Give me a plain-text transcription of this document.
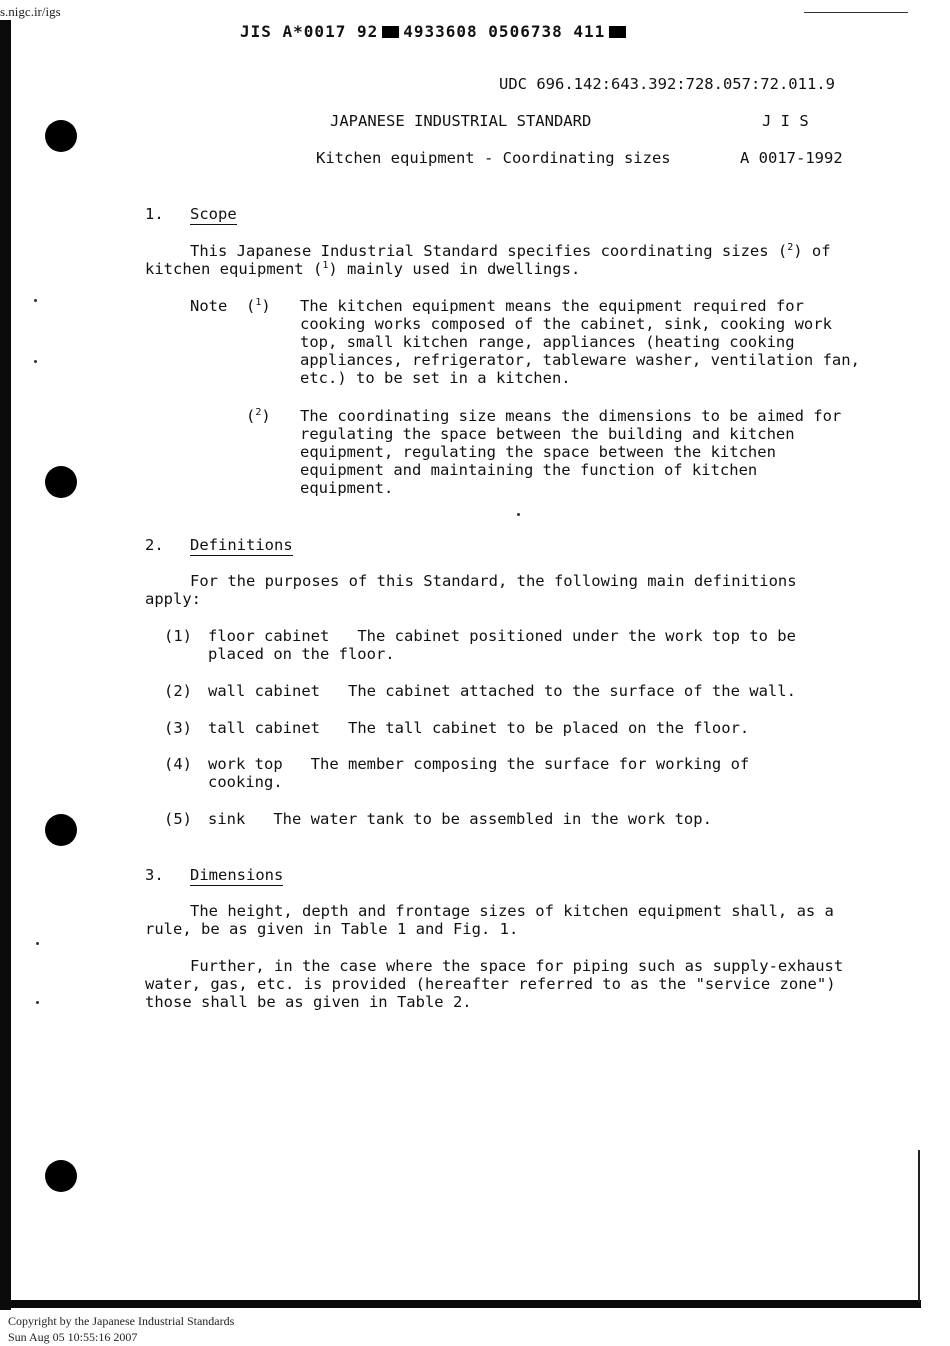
s.nigc.ir/igs
JIS A*0017 92 4933608 0506738 411
UDC 696.142:643.392:728.057:72.011.9
JAPANESE INDUSTRIAL STANDARD	J I S
Kitchen equipment - Coordinating sizes	A 0017-1992
1. Scope
This Japanese Industrial Standard specifies coordinating sizes ($^2$) of
kitchen equipment ($^1$) mainly used in dwellings.
Note ($^1$) The kitchen equipment means the equipment required for
cooking works composed of the cabinet, sink, cooking work
top, small kitchen range, appliances (heating cooking
appliances, refrigerator, tableware washer, ventilation fan,
etc.) to be set in a kitchen.
($^2$) The coordinating size means the dimensions to be aimed for
regulating the space between the building and kitchen
equipment, regulating the space between the kitchen
equipment and maintaining the function of kitchen
equipment.
2. Definitions
For the purposes of this Standard, the following main definitions
apply:
(1) floor cabinet The cabinet positioned under the work top to be
placed on the floor.
(2) wall cabinet The cabinet attached to the surface of the wall.
(3) tall cabinet The tall cabinet to be placed on the floor.
(4) work top The member composing the surface for working of
cooking.
(5) sink The water tank to be assembled in the work top.
3. Dimensions
The height, depth and frontage sizes of kitchen equipment shall, as a
rule, be as given in Table 1 and Fig. 1.
Further, in the case where the space for piping such as supply-exhaust
water, gas, etc. is provided (hereafter referred to as the "service zone")
those shall be as given in Table 2.
Copyright by the Japanese Industrial Standards
Sun Aug 05 10:55:16 2007
